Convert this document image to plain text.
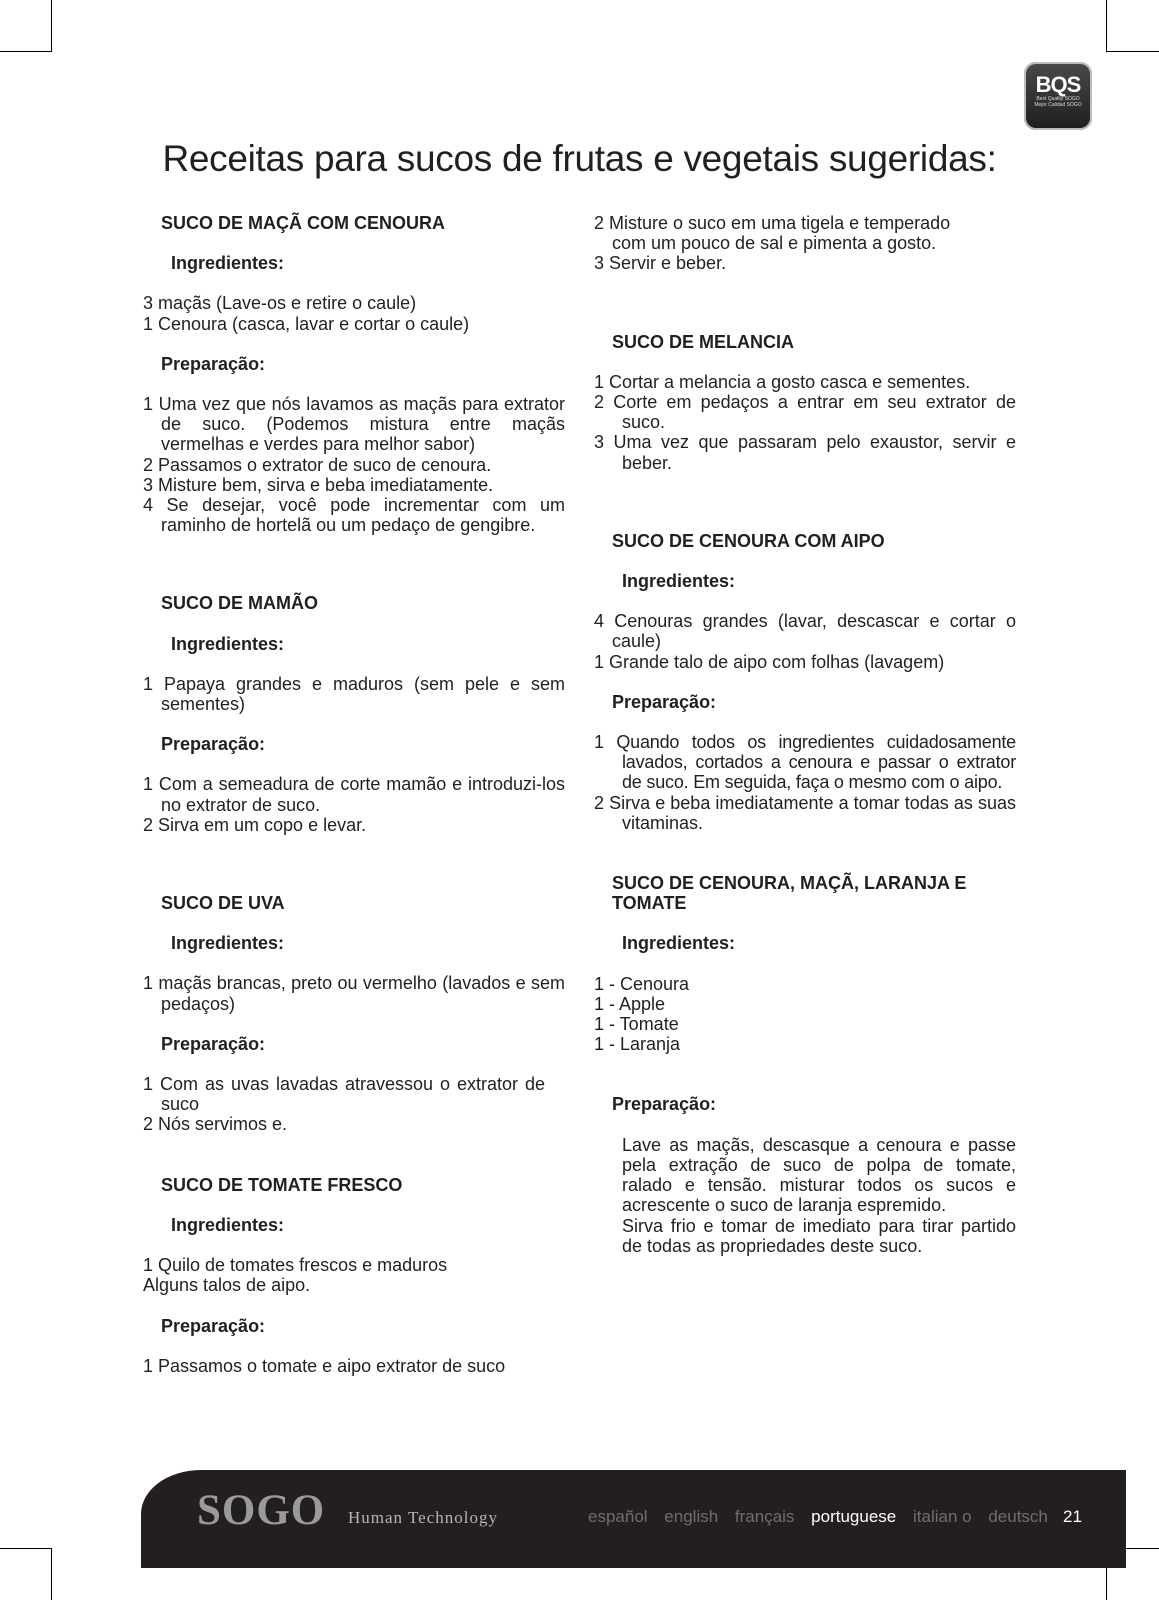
BQS
Best Quality SOGO
Mejor Calidad SOGO
Receitas para sucos de frutas e vegetais sugeridas:
SUCO DE MAÇÃ COM CENOURA
Ingredientes:
3 maçãs (Lave-os e retire o caule)
1 Cenoura (casca, lavar e cortar o caule)
Preparação:
1 Uma vez que nós lavamos as maçãs para extrator de suco. (Podemos mistura entre maçãs vermelhas e verdes para melhor sabor)
2 Passamos o extrator de suco de cenoura.
3 Misture bem, sirva e beba imediatamente.
4 Se desejar, você pode incrementar com um raminho de hortelã ou um pedaço de gengibre.
SUCO DE MAMÃO
Ingredientes:
1 Papaya grandes e maduros (sem pele e sem sementes)
Preparação:
1 Com a semeadura de corte mamão e introduzi-los no extrator de suco.
2 Sirva em um copo e levar.
SUCO DE UVA
Ingredientes:
1 maçãs brancas, preto ou vermelho (lavados e sem pedaços)
Preparação:
1 Com as uvas lavadas atravessou o extrator de suco
2 Nós servimos e.
SUCO DE TOMATE FRESCO
Ingredientes:
1 Quilo de tomates frescos e maduros
Alguns talos de aipo.
Preparação:
1 Passamos o tomate e aipo extrator de suco
2 Misture o suco em uma tigela e temperado com um pouco de sal e pimenta a gosto.
3 Servir e beber.
SUCO DE MELANCIA
1 Cortar a melancia a gosto casca e sementes.
2 Corte em pedaços a entrar em seu extrator de suco.
3 Uma vez que passaram pelo exaustor, servir e beber.
SUCO DE CENOURA COM AIPO
Ingredientes:
4 Cenouras grandes (lavar, descascar e cortar o caule)
1 Grande talo de aipo com folhas (lavagem)
Preparação:
1 Quando todos os ingredientes cuidadosamente lavados, cortados a cenoura e passar o extrator de suco. Em seguida, faça o mesmo com o aipo.
2 Sirva e beba imediatamente a tomar todas as suas vitaminas.
SUCO DE CENOURA, MAÇÃ, LARANJA E TOMATE
Ingredientes:
1 - Cenoura
1 - Apple
1 - Tomate
1 - Laranja
Preparação:
Lave as maçãs, descasque a cenoura e passe pela extração de suco de polpa de tomate, ralado e tensão. misturar todos os sucos e acrescente o suco de laranja espremido.
Sirva frio e tomar de imediato para tirar partido de todas as propriedades deste suco.
SOGO Human Technology	español english français portuguese italian o deutsch 21
